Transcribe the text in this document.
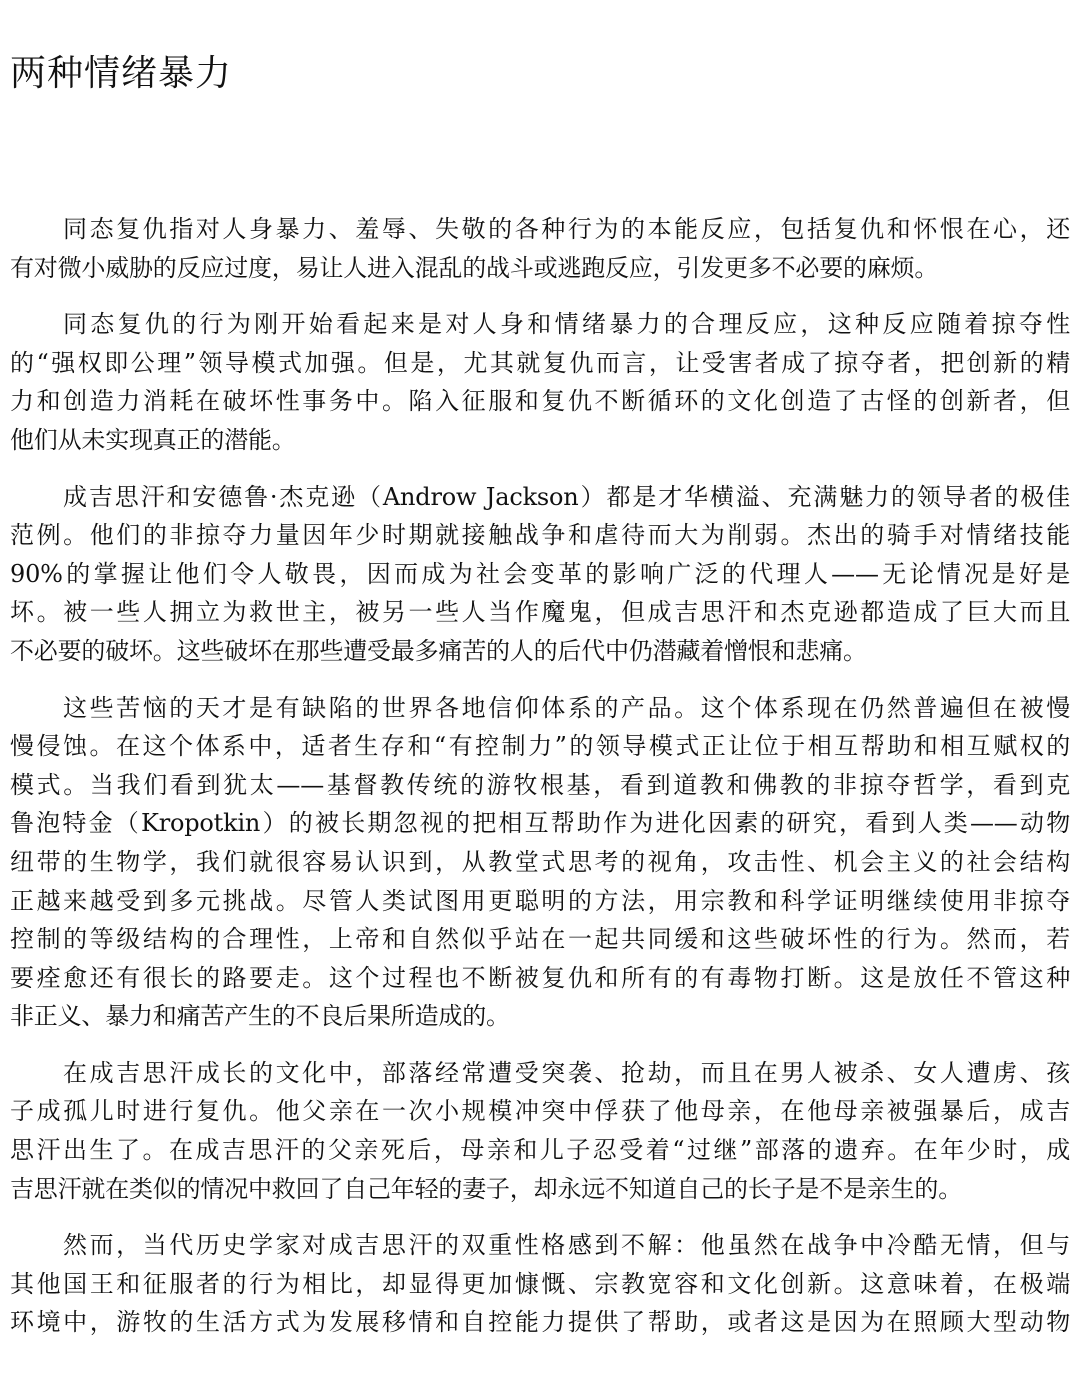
两种情绪暴力

同态复仇指对人身暴力、羞辱、失敬的各种行为的本能反应，包括复仇和怀恨在心，还
有对微小威胁的反应过度，易让人进入混乱的战斗或逃跑反应，引发更多不必要的麻烦。

同态复仇的行为刚开始看起来是对人身和情绪暴力的合理反应，这种反应随着掠夺性
的“强权即公理”领导模式加强。但是，尤其就复仇而言，让受害者成了掠夺者，把创新的精
力和创造力消耗在破坏性事务中。陷入征服和复仇不断循环的文化创造了古怪的创新者，但
他们从未实现真正的潜能。

成吉思汗和安德鲁·杰克逊（Androw Jackson）都是才华横溢、充满魅力的领导者的极佳
范例。他们的非掠夺力量因年少时期就接触战争和虐待而大为削弱。杰出的骑手对情绪技能
90%的掌握让他们令人敬畏，因而成为社会变革的影响广泛的代理人——无论情况是好是
坏。被一些人拥立为救世主，被另一些人当作魔鬼，但成吉思汗和杰克逊都造成了巨大而且
不必要的破坏。这些破坏在那些遭受最多痛苦的人的后代中仍潜藏着憎恨和悲痛。

这些苦恼的天才是有缺陷的世界各地信仰体系的产品。这个体系现在仍然普遍但在被慢
慢侵蚀。在这个体系中，适者生存和“有控制力”的领导模式正让位于相互帮助和相互赋权的
模式。当我们看到犹太——基督教传统的游牧根基，看到道教和佛教的非掠夺哲学，看到克
鲁泡特金（Kropotkin）的被长期忽视的把相互帮助作为进化因素的研究，看到人类——动物
纽带的生物学，我们就很容易认识到，从教堂式思考的视角，攻击性、机会主义的社会结构
正越来越受到多元挑战。尽管人类试图用更聪明的方法，用宗教和科学证明继续使用非掠夺
控制的等级结构的合理性，上帝和自然似乎站在一起共同缓和这些破坏性的行为。然而，若
要痊愈还有很长的路要走。这个过程也不断被复仇和所有的有毒物打断。这是放任不管这种
非正义、暴力和痛苦产生的不良后果所造成的。

在成吉思汗成长的文化中，部落经常遭受突袭、抢劫，而且在男人被杀、女人遭虏、孩
子成孤儿时进行复仇。他父亲在一次小规模冲突中俘获了他母亲，在他母亲被强暴后，成吉
思汗出生了。在成吉思汗的父亲死后，母亲和儿子忍受着“过继”部落的遗弃。在年少时，成
吉思汗就在类似的情况中救回了自己年轻的妻子，却永远不知道自己的长子是不是亲生的。

然而，当代历史学家对成吉思汗的双重性格感到不解：他虽然在战争中冷酷无情，但与
其他国王和征服者的行为相比，却显得更加慷慨、宗教宽容和文化创新。这意味着，在极端
环境中，游牧的生活方式为发展移情和自控能力提供了帮助，或者这是因为在照顾大型动物
